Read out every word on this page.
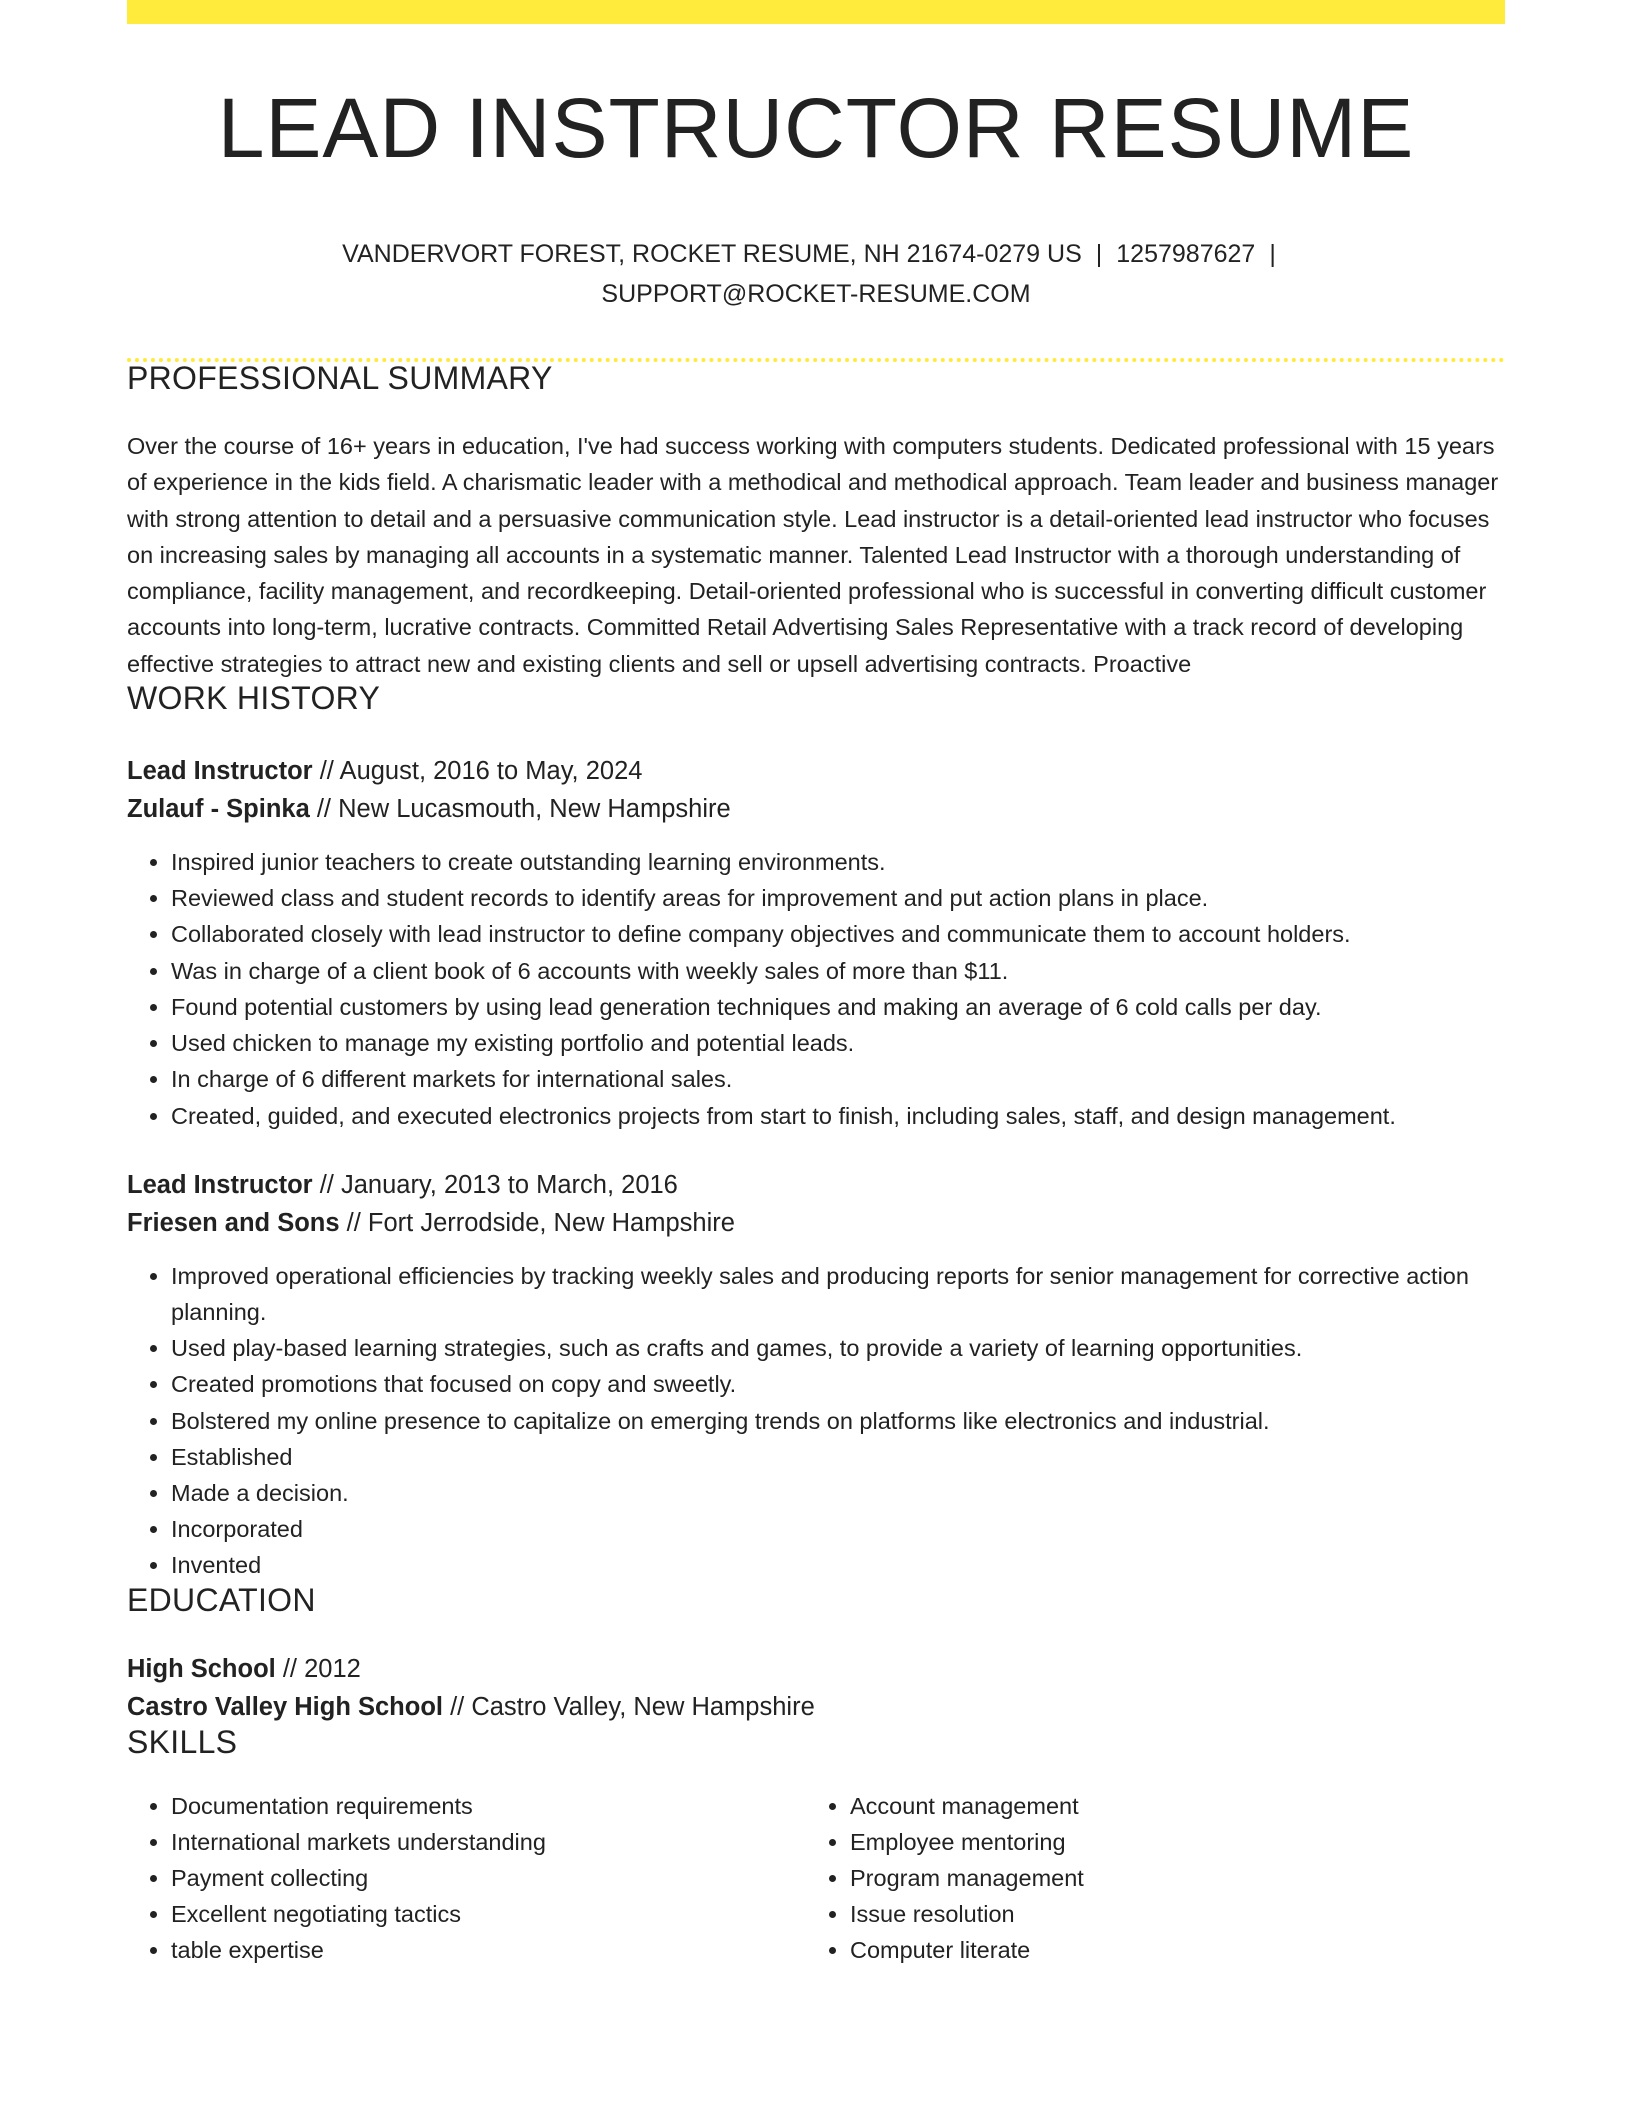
LEAD INSTRUCTOR RESUME
VANDERVORT FOREST, ROCKET RESUME, NH 21674-0279 US | 1257987627 |
SUPPORT@ROCKET-RESUME.COM
PROFESSIONAL SUMMARY

Over the course of 16+ years in education, I've had success working with computers students. Dedicated professional with 15 years of experience in the kids field. A charismatic leader with a methodical and methodical approach. Team leader and business manager with strong attention to detail and a persuasive communication style. Lead instructor is a detail-oriented lead instructor who focuses on increasing sales by managing all accounts in a systematic manner. Talented Lead Instructor with a thorough understanding of compliance, facility management, and recordkeeping. Detail-oriented professional who is successful in converting difficult customer accounts into long-term, lucrative contracts. Committed Retail Advertising Sales Representative with a track record of developing effective strategies to attract new and existing clients and sell or upsell advertising contracts. Proactive

WORK HISTORY
Lead Instructor // August, 2016 to May, 2024
Zulauf - Spinka // New Lucasmouth, New Hampshire
• Inspired junior teachers to create outstanding learning environments.
• Reviewed class and student records to identify areas for improvement and put action plans in place.
• Collaborated closely with lead instructor to define company objectives and communicate them to account holders.
• Was in charge of a client book of 6 accounts with weekly sales of more than $11.
• Found potential customers by using lead generation techniques and making an average of 6 cold calls per day.
• Used chicken to manage my existing portfolio and potential leads.
• In charge of 6 different markets for international sales.
• Created, guided, and executed electronics projects from start to finish, including sales, staff, and design management.
Lead Instructor // January, 2013 to March, 2016
Friesen and Sons // Fort Jerrodside, New Hampshire
• Improved operational efficiencies by tracking weekly sales and producing reports for senior management for corrective action planning.
• Used play-based learning strategies, such as crafts and games, to provide a variety of learning opportunities.
• Created promotions that focused on copy and sweetly.
• Bolstered my online presence to capitalize on emerging trends on platforms like electronics and industrial.
• Established
• Made a decision.
• Incorporated
• Invented
EDUCATION
High School // 2012
Castro Valley High School // Castro Valley, New Hampshire
SKILLS
• Documentation requirements
• International markets understanding
• Payment collecting
• Excellent negotiating tactics
• table expertise
• Account management
• Employee mentoring
• Program management
• Issue resolution
• Computer literate
